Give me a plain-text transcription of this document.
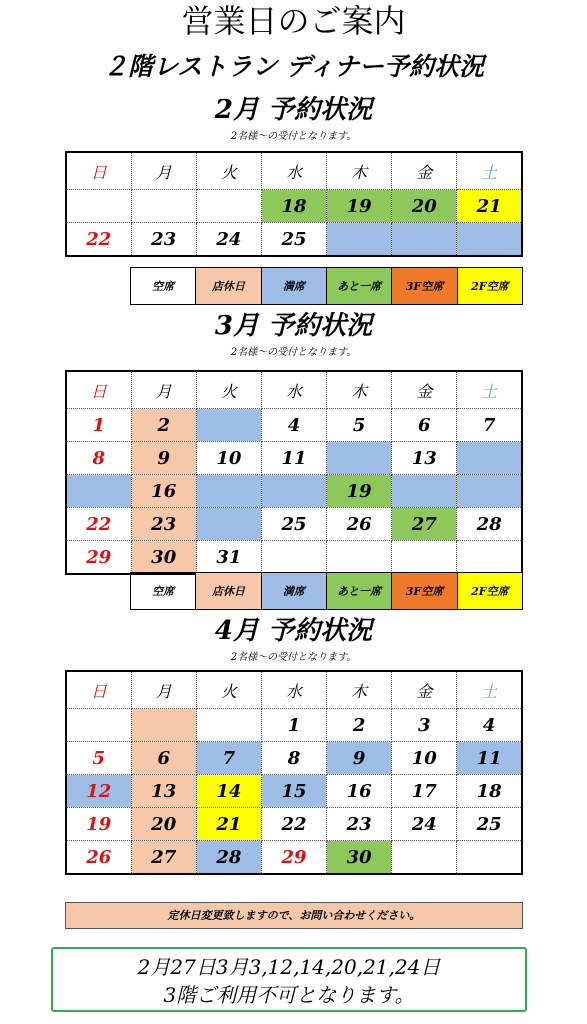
営業日のご案内
２階レストラン ディナー予約状況
2月 予約状況
2名様～の受付となります。
日	月	火	水	木	金	土
			18	19	20	21
22	23	24	25			
空席	店休日	満席	あと一席	3F空席	2F空席
3月 予約状況
2名様～の受付となります。
日	月	火	水	木	金	土
1	2		4	5	6	7
8	9	10	11		13	
	16			19		
22	23		25	26	27	28
29	30	31				
空席	店休日	満席	あと一席	3F空席	2F空席
4月 予約状況
2名様～の受付となります。
日	月	火	水	木	金	土
			1	2	3	4
5	6	7	8	9	10	11
12	13	14	15	16	17	18
19	20	21	22	23	24	25
26	27	28	29	30		
定休日変更致しますので、お問い合わせください。
2月27日3月3,12,14,20,21,24日
3階ご利用不可となります。
